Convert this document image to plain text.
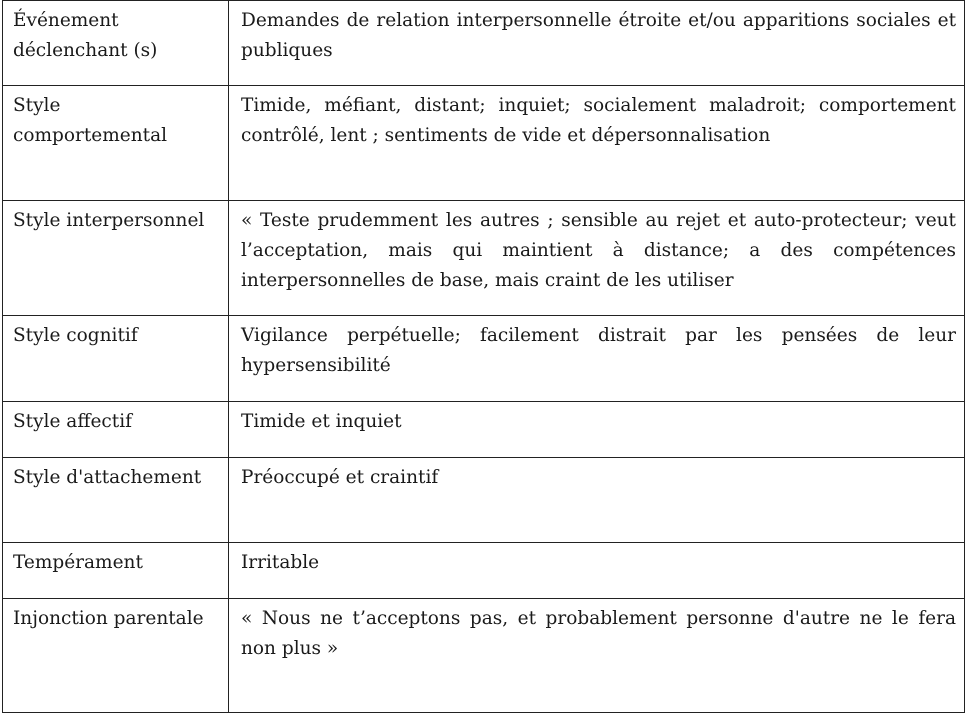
Événement déclenchant (s)	Demandes de relation interpersonnelle étroite et/ou apparitions sociales et publiques
Style comportemental	Timide, méfiant, distant; inquiet; socialement maladroit; comportement contrôlé, lent ; sentiments de vide et dépersonnalisation
Style interpersonnel	« Teste prudemment les autres ; sensible au rejet et auto-protecteur; veut l’acceptation, mais qui maintient à distance; a des compétences interpersonnelles de base, mais craint de les utiliser
Style cognitif	Vigilance perpétuelle; facilement distrait par les pensées de leur hypersensibilité
Style affectif	Timide et inquiet
Style d'attachement	Préoccupé et craintif
Tempérament	Irritable
Injonction parentale	« Nous ne t’acceptons pas, et probablement personne d'autre ne le fera non plus »
